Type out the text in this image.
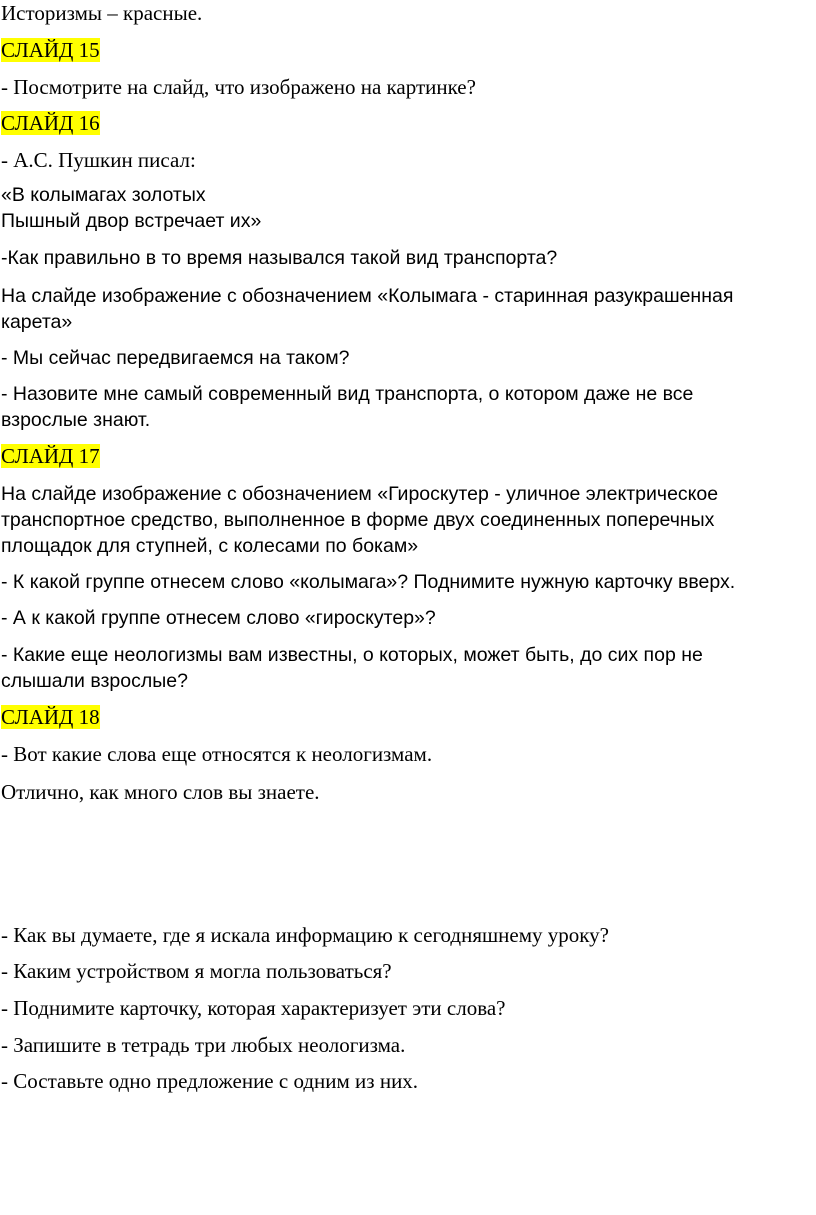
Историзмы – красные.
СЛАЙД 15
- Посмотрите на слайд, что изображено на картинке?
СЛАЙД 16
- А.С. Пушкин писал:
«В колымагах золотых
Пышный двор встречает их»
-Как правильно в то время назывался такой вид транспорта?
На слайде изображение с обозначением «Колымага - старинная разукрашенная
карета»
- Мы сейчас передвигаемся на таком?
- Назовите мне самый современный вид транспорта, о котором даже не все
взрослые знают.
СЛАЙД 17
На слайде изображение с обозначением «Гироскутер - уличное электрическое
транспортное средство, выполненное в форме двух соединенных поперечных
площадок для ступней, с колесами по бокам»
- К какой группе отнесем слово «колымага»? Поднимите нужную карточку вверх.
- А к какой группе отнесем слово «гироскутер»?
- Какие еще неологизмы вам известны, о которых, может быть, до сих пор не
слышали взрослые?
СЛАЙД 18
- Вот какие слова еще относятся к неологизмам.
Отлично, как много слов вы знаете.
- Как вы думаете, где я искала информацию к сегодняшнему уроку?
- Каким устройством я могла пользоваться?
- Поднимите карточку, которая характеризует эти слова?
- Запишите в тетрадь три любых неологизма.
- Составьте одно предложение с одним из них.
